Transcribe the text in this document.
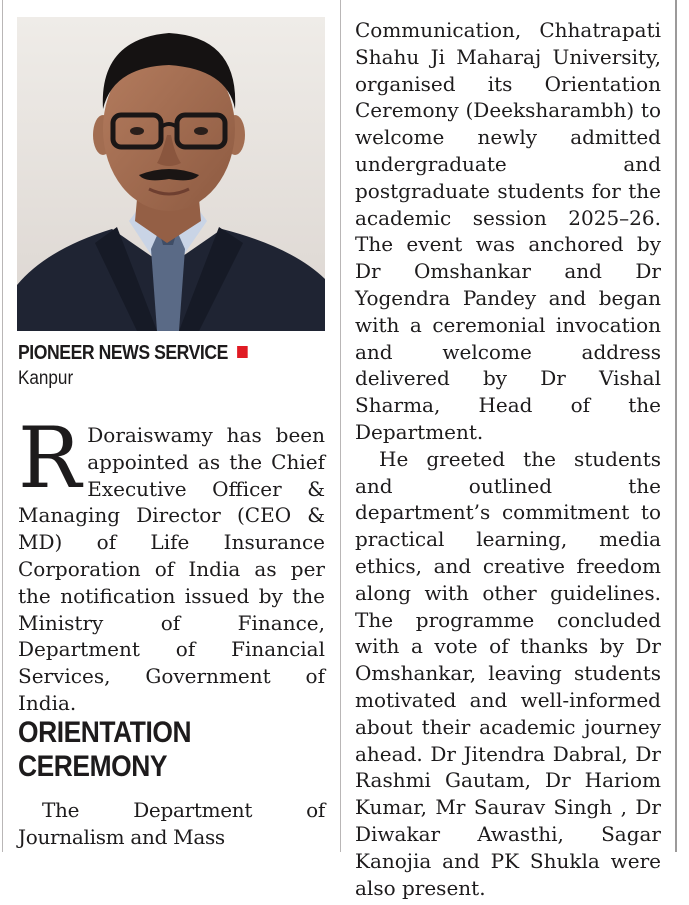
PIONEER NEWS SERVICE
Kanpur

R Doraiswamy has been appointed as the Chief Executive Officer & Managing Director (CEO & MD) of Life Insurance Corporation of India as per the notification issued by the Ministry of Finance, Department of Financial Services, Government of India.

ORIENTATION CEREMONY

The Department of Journalism and Mass

Communication, Chhatrapati Shahu Ji Maharaj University, organised its Orientation Ceremony (Deeksharambh) to welcome newly admitted undergraduate and postgraduate students for the academic session 2025–26. The event was anchored by Dr Omshankar and Dr Yogendra Pandey and began with a ceremonial invocation and welcome address delivered by Dr Vishal Sharma, Head of the Department.

He greeted the students and outlined the department’s commitment to practical learning, media ethics, and creative freedom along with other guidelines. The programme concluded with a vote of thanks by Dr Omshankar, leaving students motivated and well-informed about their academic journey ahead. Dr Jitendra Dabral, Dr Rashmi Gautam, Dr Hariom Kumar, Mr Saurav Singh , Dr Diwakar Awasthi, Sagar Kanojia and PK Shukla were also present.
